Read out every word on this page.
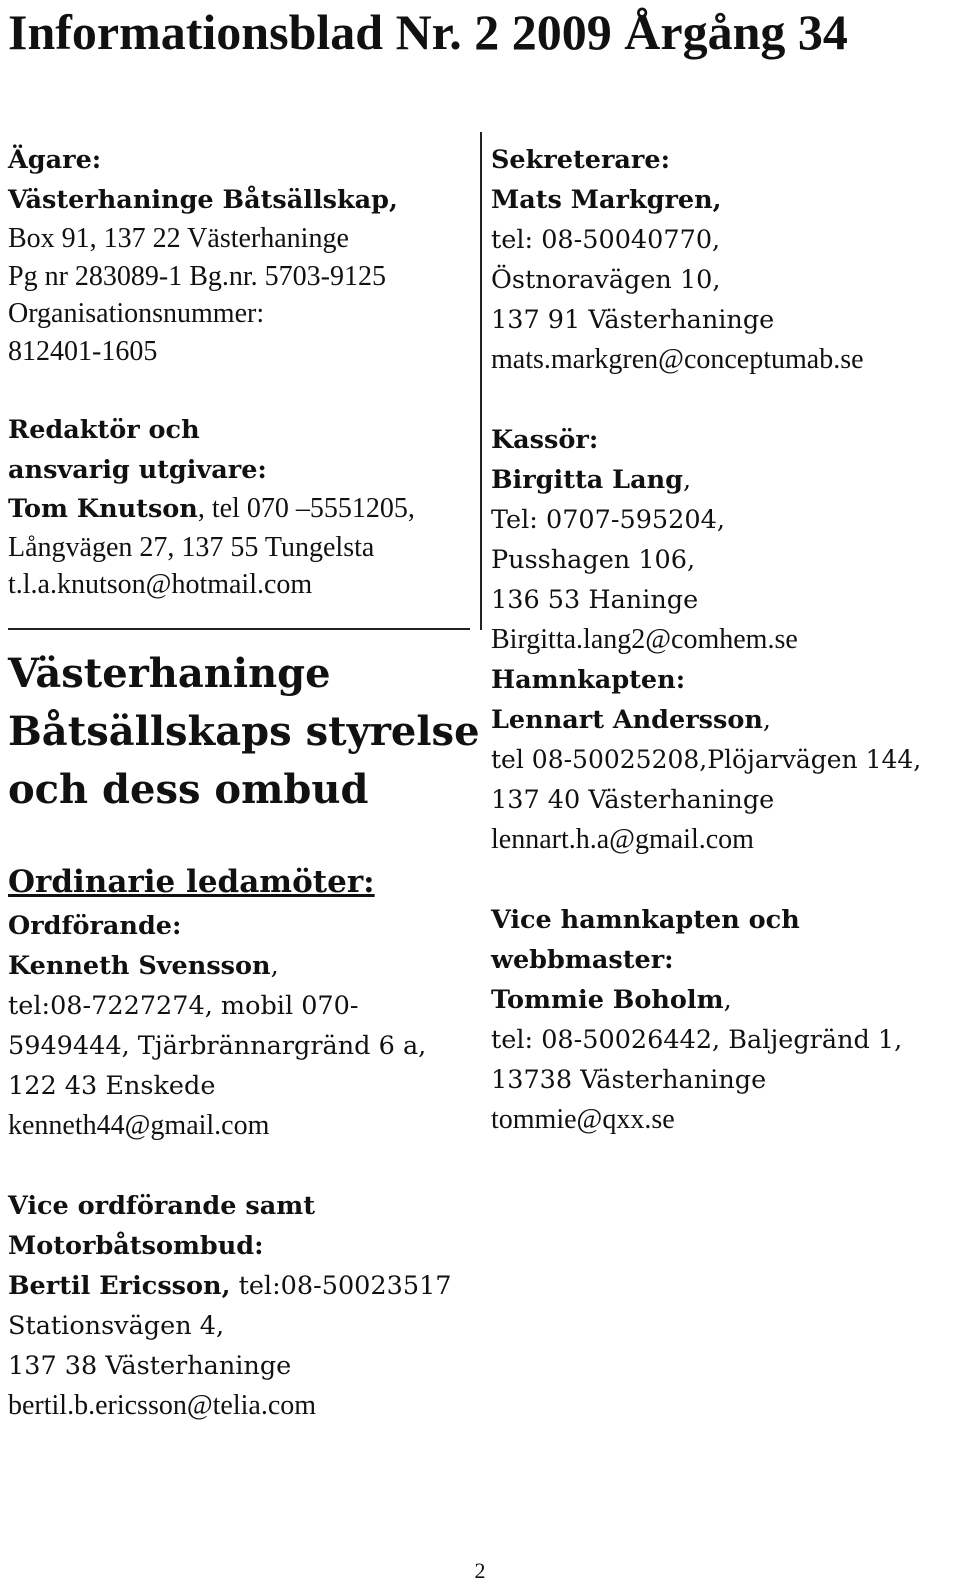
Informationsblad Nr. 2 2009 Årgång 34

Ägare:

Västerhaninge Båtsällskap,

Box 91, 137 22 Västerhaninge

Pg nr 283089-1 Bg.nr. 5703-9125

Organisationsnummer:

812401-1605

Redaktör och

ansvarig utgivare:

Tom Knutson, tel 070 –5551205,

Långvägen 27, 137 55 Tungelsta

t.l.a.knutson@hotmail.com

Västerhaninge
Båtsällskaps styrelse
och dess ombud
Ordinarie ledamöter:

Ordförande:

Kenneth Svensson,

tel:08-7227274, mobil 070-

5949444, Tjärbrännargränd 6 a,

122 43 Enskede

kenneth44@gmail.com

Vice ordförande samt

Motorbåtsombud:

Bertil Ericsson, tel:08-50023517

Stationsvägen 4,

137 38 Västerhaninge

bertil.b.ericsson@telia.com

Sekreterare:

Mats Markgren,

tel: 08-50040770,

Östnoravägen 10,

137 91 Västerhaninge

mats.markgren@conceptumab.se

Kassör:

Birgitta Lang,

Tel: 0707-595204,

Pusshagen 106,

136 53 Haninge

Birgitta.lang2@comhem.se

Hamnkapten:

Lennart Andersson,

tel 08-50025208,Plöjarvägen 144,

137 40 Västerhaninge

lennart.h.a@gmail.com

Vice hamnkapten och

webbmaster:

Tommie Boholm,

tel: 08-50026442, Baljegränd 1,

13738 Västerhaninge

tommie@qxx.se

2
